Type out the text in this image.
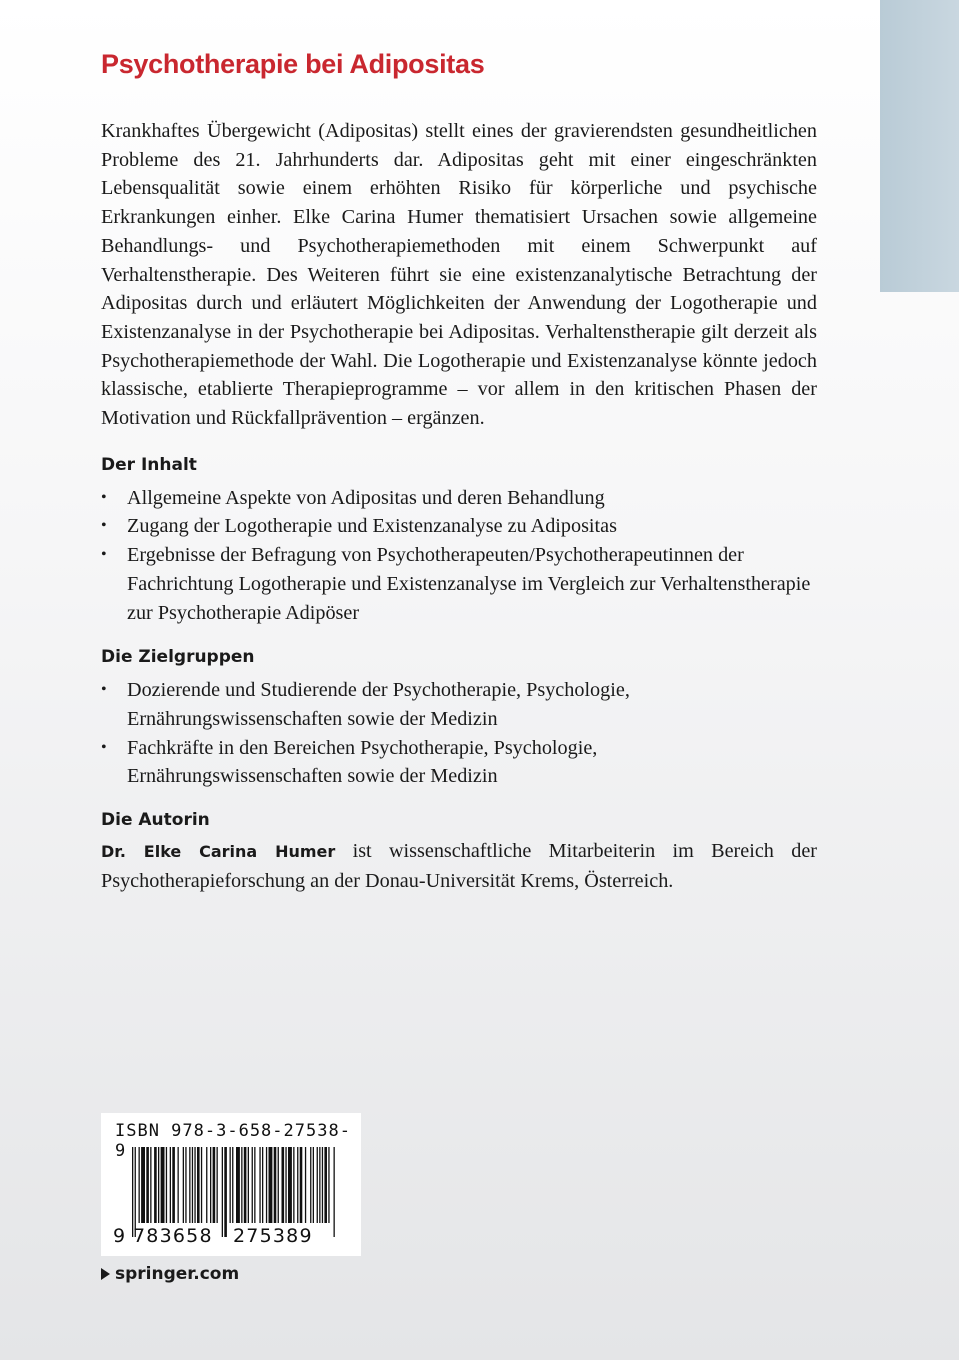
Psychotherapie bei Adipositas

Krankhaftes Übergewicht (Adipositas) stellt eines der gravierendsten gesundheitlichen Probleme des 21. Jahrhunderts dar. Adipositas geht mit einer eingeschränkten Lebensqualität sowie einem erhöhten Risiko für körperliche und psychische Erkrankungen einher. Elke Carina Humer thematisiert Ursachen sowie allgemeine Behandlungs- und Psychotherapiemethoden mit einem Schwerpunkt auf Verhaltenstherapie. Des Weiteren führt sie eine existenzanalytische Betrachtung der Adipositas durch und erläutert Möglichkeiten der Anwendung der Logotherapie und Existenzanalyse in der Psychotherapie bei Adipositas. Verhaltenstherapie gilt derzeit als Psychotherapiemethode der Wahl. Die Logotherapie und Existenzanalyse könnte jedoch klassische, etablierte Therapieprogramme – vor allem in den kritischen Phasen der Motivation und Rückfallprävention – ergänzen.

Der Inhalt
• Allgemeine Aspekte von Adipositas und deren Behandlung
• Zugang der Logotherapie und Existenzanalyse zu Adipositas
• Ergebnisse der Befragung von Psychotherapeuten/Psychotherapeutinnen der Fachrichtung Logotherapie und Existenzanalyse im Vergleich zur Verhaltenstherapie zur Psychotherapie Adipöser
Die Zielgruppen
• Dozierende und Studierende der Psychotherapie, Psychologie, Ernährungswissenschaften sowie der Medizin
• Fachkräfte in den Bereichen Psychotherapie, Psychologie, Ernährungswissenschaften sowie der Medizin
Die Autorin

Dr. Elke Carina Humer ist wissenschaftliche Mitarbeiterin im Bereich der Psychotherapieforschung an der Donau-Universität Krems, Österreich.

ISBN 978-3-658-27538-9
9 783658	275389
springer.com
